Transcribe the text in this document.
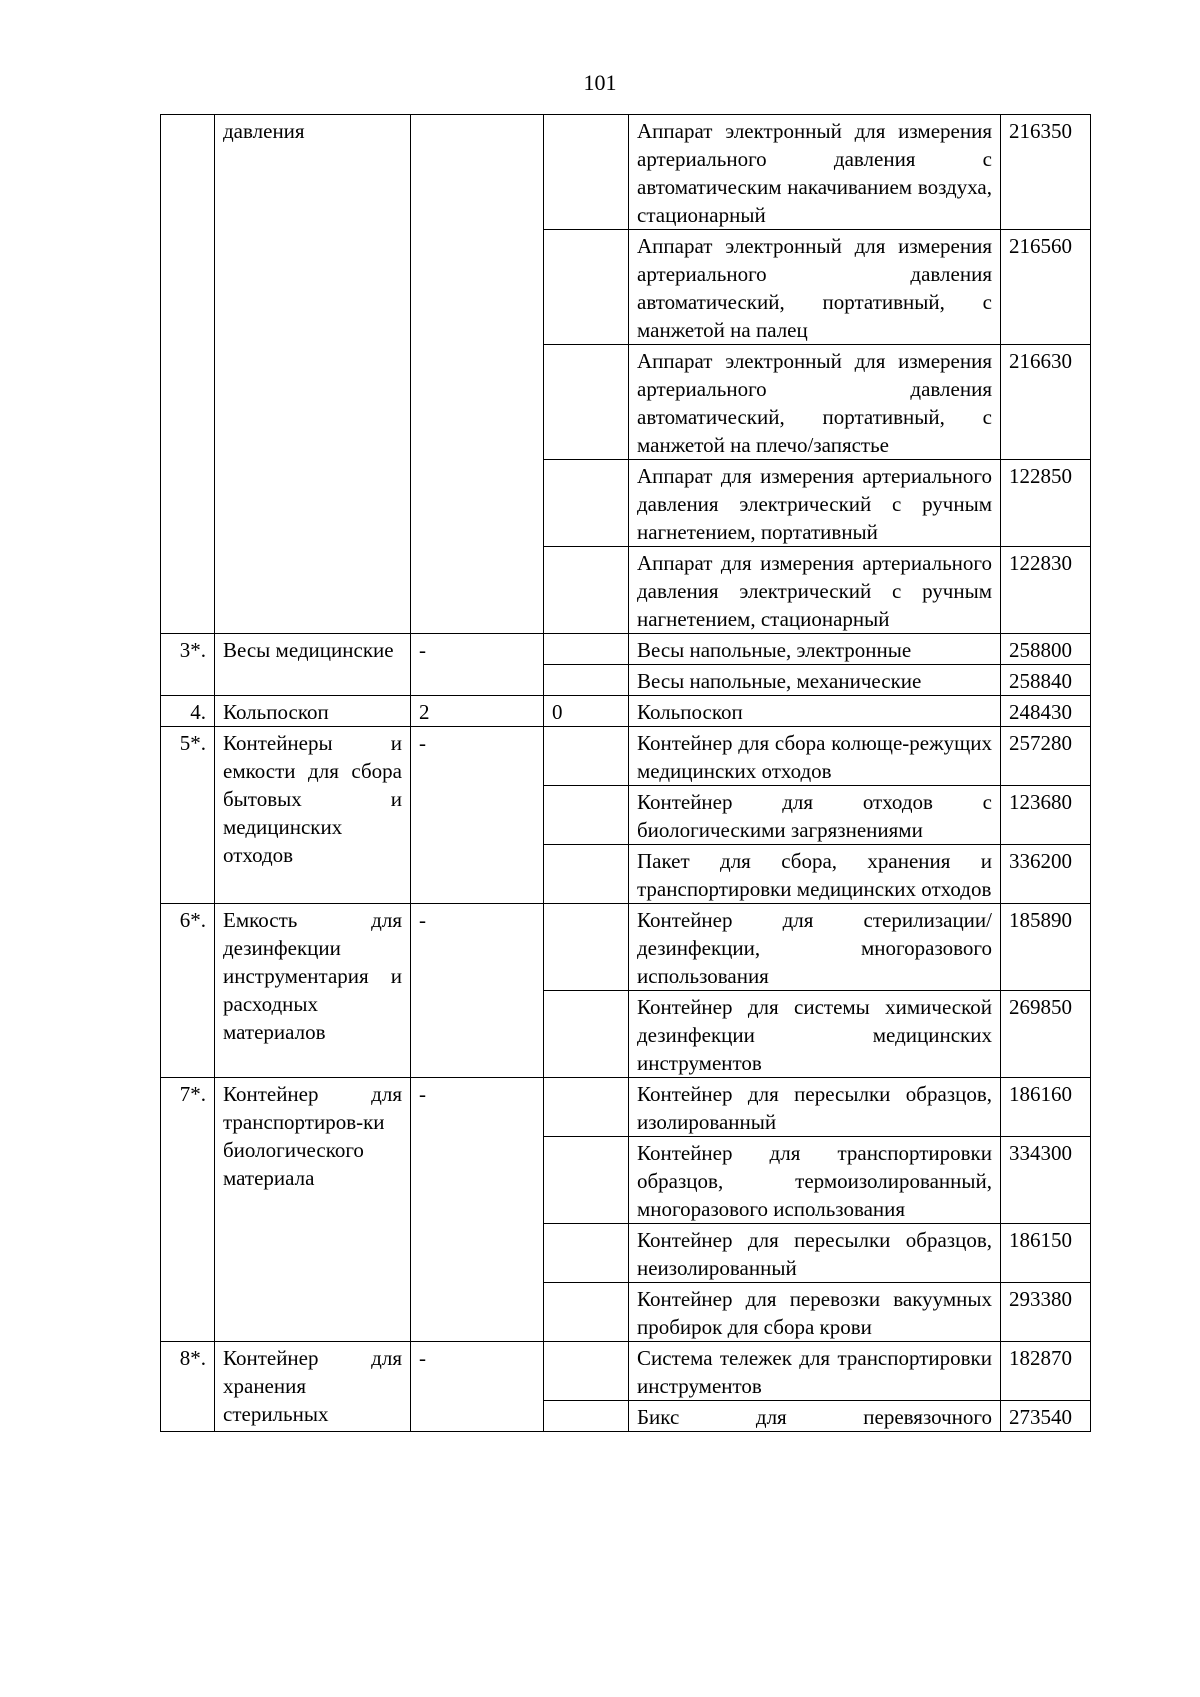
101
	давления			Аппарат электронный для измерения артериального давления с автоматическим накачиванием воздуха, стационарный	216350
				Аппарат электронный для измерения артериального давления автоматический, портативный, с манжетой на палец	216560
				Аппарат электронный для измерения артериального давления автоматический, портативный, с манжетой на плечо/запястье	216630
				Аппарат для измерения артериального давления электрический с ручным нагнетением, портативный	122850
				Аппарат для измерения артериального давления электрический с ручным нагнетением, стационарный	122830
3*.	Весы медицинские	-		Весы напольные, электронные	258800
				Весы напольные, механические	258840
4.	Кольпоскоп	2	0	Кольпоскоп	248430
5*.	Контейнеры и емкости для сбора бытовых и медицинских отходов	-		Контейнер для сбора колюще-режущих медицинских отходов	257280
				Контейнер для отходов с биологическими загрязнениями	123680
				Пакет для сбора, хранения и транспортировки медицинских отходов	336200
6*.	Емкость для дезинфекции инструментария и расходных материалов	-		Контейнер для стерилизации/дезинфекции, многоразового использования	185890
				Контейнер для системы химической дезинфекции медицинских инструментов	269850
7*.	Контейнер для транспортиров-ки биологического материала	-		Контейнер для пересылки образцов, изолированный	186160
				Контейнер для транспортировки образцов, термоизолированный, многоразового использования	334300
				Контейнер для пересылки образцов, неизолированный	186150
				Контейнер для перевозки вакуумных пробирок для сбора крови	293380
8*.	Контейнер для хранения стерильных	-		Система тележек для транспортировки инструментов	182870

				Бикс для перевязочного	273540
